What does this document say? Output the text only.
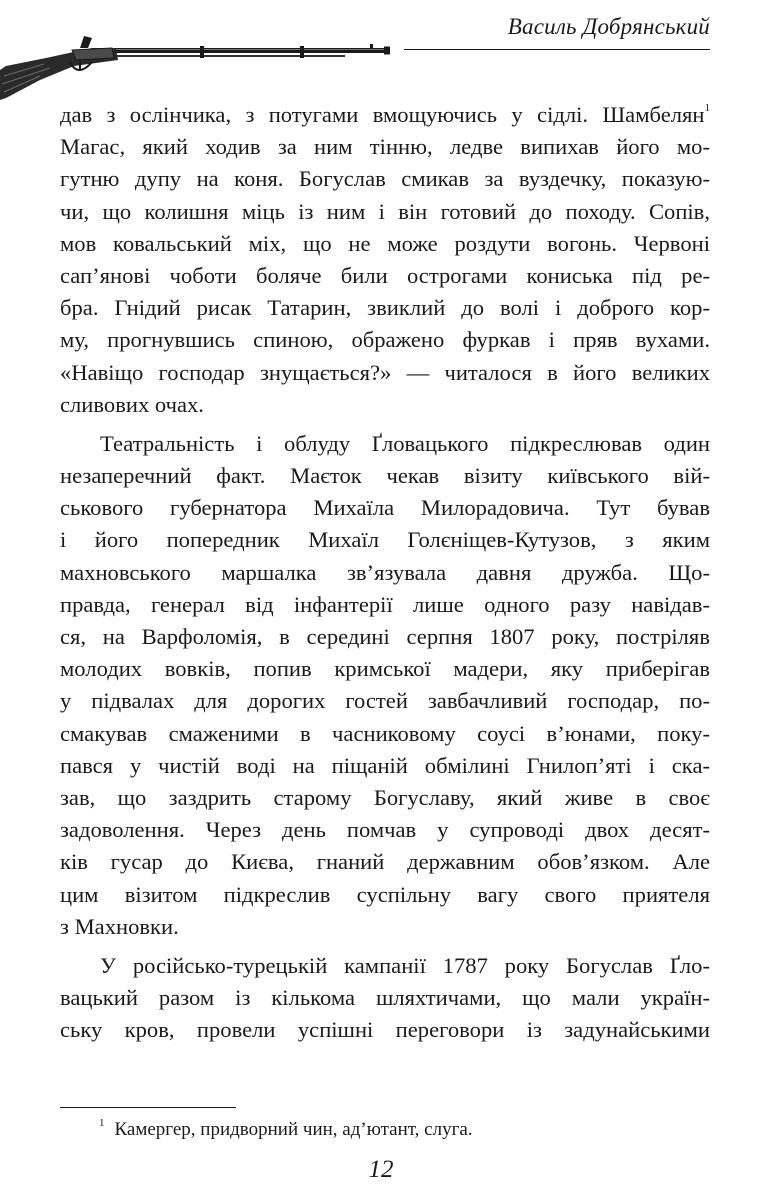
Василь Добрянський
дав з ослінчика, з потугами вмощуючись у сідлі. Шамбелян$^1$
Магас, який ходив за ним тінню, ледве випихав його мо-
гутню дупу на коня. Богуслав смикав за вуздечку, показую-
чи, що колишня міць із ним і він готовий до походу. Сопів,
мов ковальський міх, що не може роздути вогонь. Червоні
сап’янові чоботи боляче били острогами кониська під ре-
бра. Гнідий рисак Татарин, звиклий до волі і доброго кор-
му, прогнувшись спиною, ображено фуркав і пряв вухами.
«Навіщо господар знущається?» — читалося в його великих
сливових очах.
Театральність і облуду Ґловацького підкреслював один
незаперечний факт. Маєток чекав візиту київського вій-
ськового губернатора Михаїла Милорадовича. Тут бував
і його попередник Михаїл Голєніщев-Кутузов, з яким
махновського маршалка зв’язувала давня дружба. Що-
правда, генерал від інфантерії лише одного разу навідав-
ся, на Варфоломія, в середині серпня 1807 року, постріляв
молодих вовків, попив кримської мадери, яку приберігав
у підвалах для дорогих гостей завбачливий господар, по-
смакував смаженими в часниковому соусі в’юнами, поку-
пався у чистій воді на піщаній обмілині Гнилоп’яті і ска-
зав, що заздрить старому Богуславу, який живе в своє
задоволення. Через день помчав у супроводі двох десят-
ків гусар до Києва, гнаний державним обов’язком. Але
цим візитом підкреслив суспільну вагу свого приятеля
з Махновки.
У російсько-турецькій кампанії 1787 року Богуслав Ґло-
вацький разом із кількома шляхтичами, що мали україн-
ську кров, провели успішні переговори із задунайськими
$^1$ Камергер, придворний чин, ад’ютант, слуга.
12
